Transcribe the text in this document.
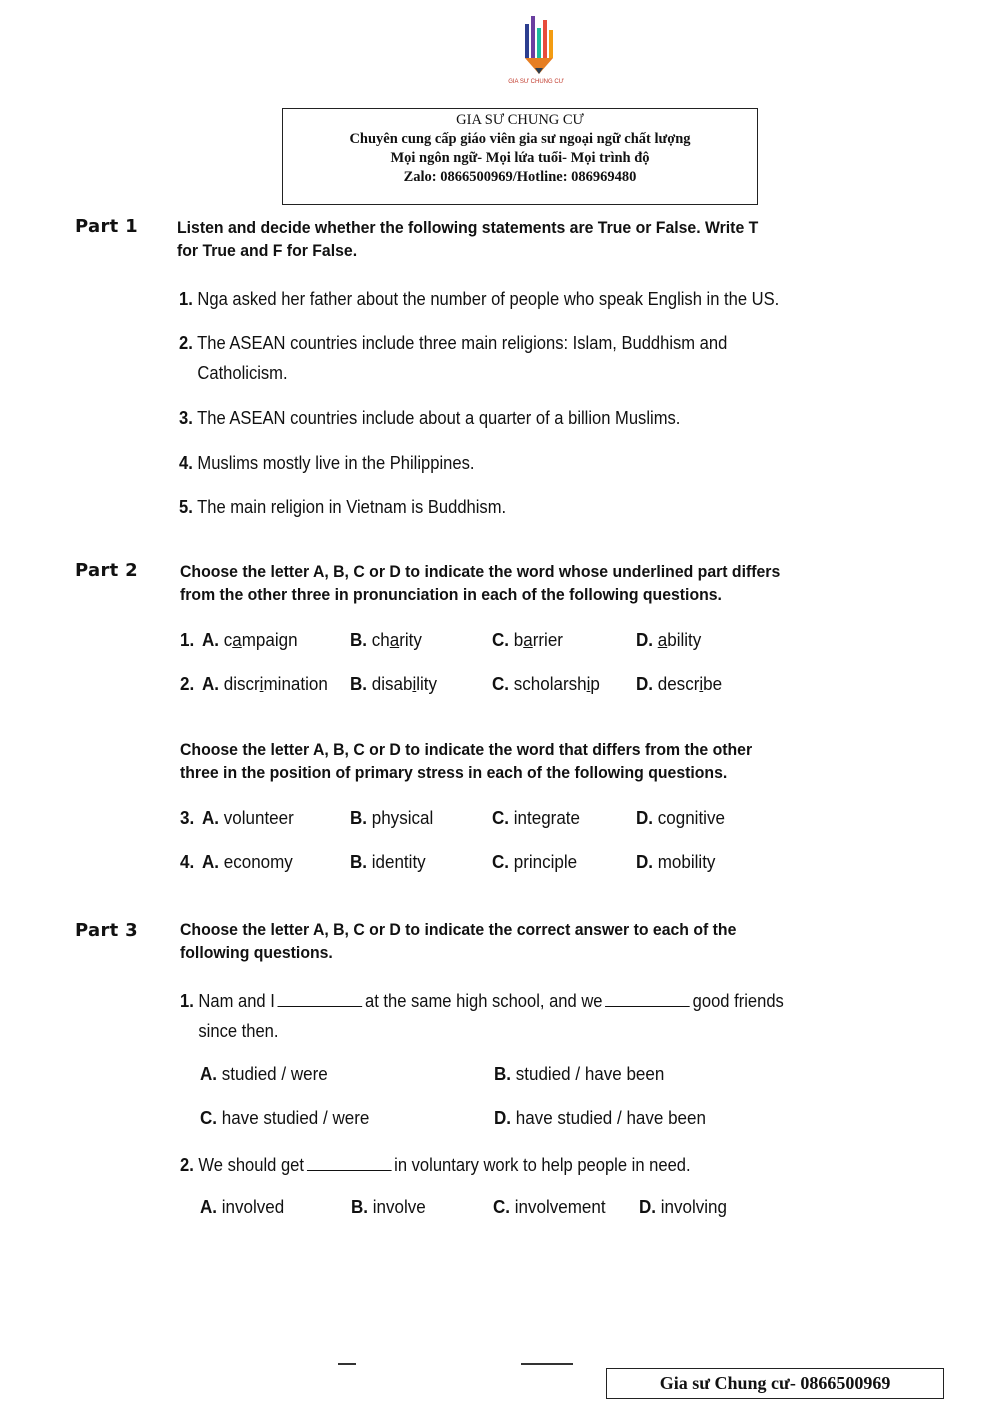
GIA SƯ CHUNG CƯ
GIA SƯ CHUNG CƯ
Chuyên cung cấp giáo viên gia sư ngoại ngữ chất lượng
Mọi ngôn ngữ- Mọi lứa tuổi- Mọi trình độ
Zalo: 0866500969/Hotline: 086969480
Part 1 Listen and decide whether the following statements are True or False. Write T
for True and F for False.
1. Nga asked her father about the number of people who speak English in the US.
2. The ASEAN countries include three main religions: Islam, Buddhism and
Catholicism.
3. The ASEAN countries include about a quarter of a billion Muslims.
4. Muslims mostly live in the Philippines.
5. The main religion in Vietnam is Buddhism.
Part 2 Choose the letter A, B, C or D to indicate the word whose underlined part differs
from the other three in pronunciation in each of the following questions.
1. A. campaign	B. charity	C. barrier	D. ability
2. A. discrimination B. disability	C. scholarship D. describe
Choose the letter A, B, C or D to indicate the word that differs from the other
three in the position of primary stress in each of the following questions.
3. A. volunteer	B. physical	C. integrate	D. cognitive
4. A. economy	B. identity	C. principle	D. mobility
Part 3 Choose the letter A, B, C or D to indicate the correct answer to each of the
following questions.
1. Nam and I	at the same high school, and we	good friends
since then.
A. studied / were	B. studied / have been
C. have studied / were	D. have studied / have been
2. We should get	in voluntary work to help people in need.
A. involved	B. involve	C. involvement D. involving
Gia sư Chung cư- 0866500969
